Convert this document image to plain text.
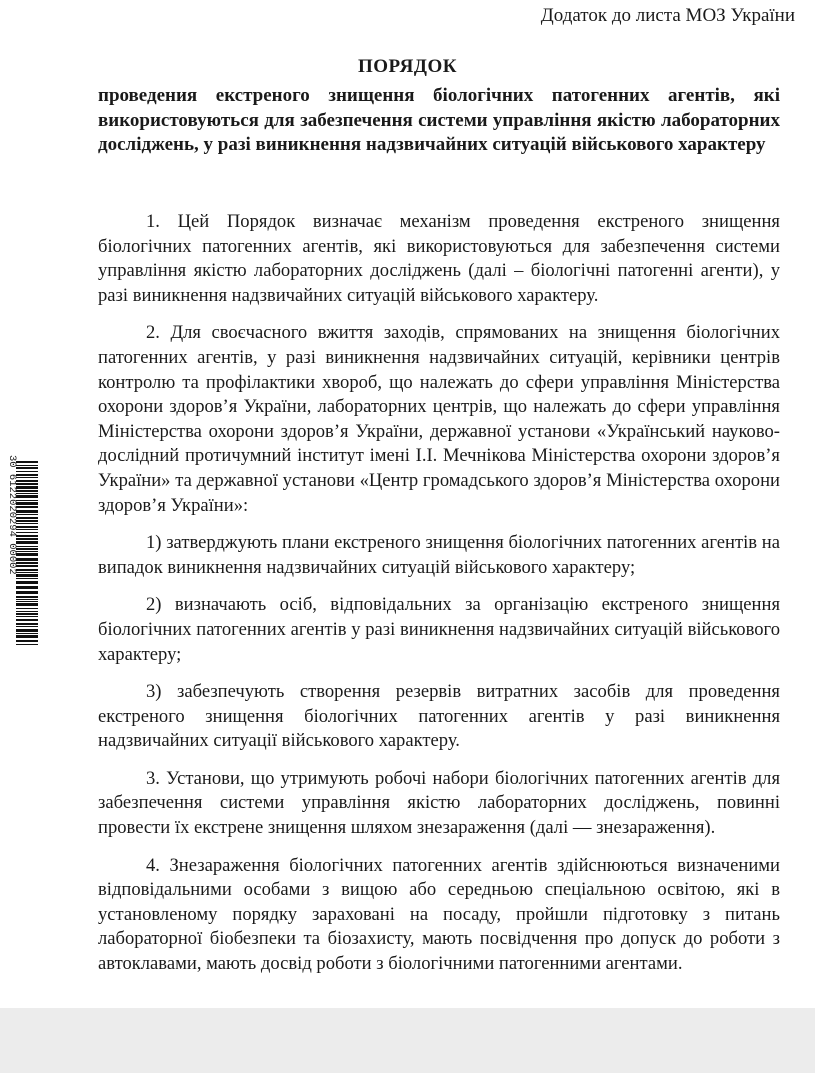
Додаток до листа МОЗ України
ПОРЯДОК

проведения екстреного знищення біологічних патогенних агентів, які використовуються для забезпечення системи управління якістю лабораторних досліджень, у разі виникнення надзвичайних ситуацій військового характеру

1. Цей Порядок визначає механізм проведення екстреного знищення біологічних патогенних агентів, які використовуються для забезпечення системи управління якістю лабораторних досліджень (далі – біологічні патогенні агенти), у разі виникнення надзвичайних ситуацій військового характеру.

2. Для своєчасного вжиття заходів, спрямованих на знищення біологічних патогенних агентів, у разі виникнення надзвичайних ситуацій, керівники центрів контролю та профілактики хвороб, що належать до сфери управління Міністерства охорони здоров’я України, лабораторних центрів, що належать до сфери управління Міністерства охорони здоров’я України, державної установи «Український науково-дослідний протичумний інститут імені І.І. Мечнікова Міністерства охорони здоров’я України» та державної установи «Центр громадського здоров’я Міністерства охорони здоров’я України»:

1) затверджують плани екстреного знищення біологічних патогенних агентів на випадок виникнення надзвичайних ситуацій військового характеру;

2) визначають осіб, відповідальних за організацію екстреного знищення біологічних патогенних агентів у разі виникнення надзвичайних ситуацій військового характеру;

3) забезпечують створення резервів витратних засобів для проведення екстреного знищення біологічних патогенних агентів у разі виникнення надзвичайних ситуації військового характеру.

3. Установи, що утримують робочі набори біологічних патогенних агентів для забезпечення системи управління якістю лабораторних досліджень, повинні провести їх екстрене знищення шляхом знезараження (далі — знезараження).

4. Знезараження біологічних патогенних агентів здійснюються визначеними відповідальними особами з вищою або середньою спеціальною освітою, які в установленому порядку зараховані на посаду, пройшли підготовку з питань лабораторної біобезпеки та біозахисту, мають посвідчення про допуск до роботи з автоклавами, мають досвід роботи з біологічними патогенними агентами.

30 6122020294 00002
